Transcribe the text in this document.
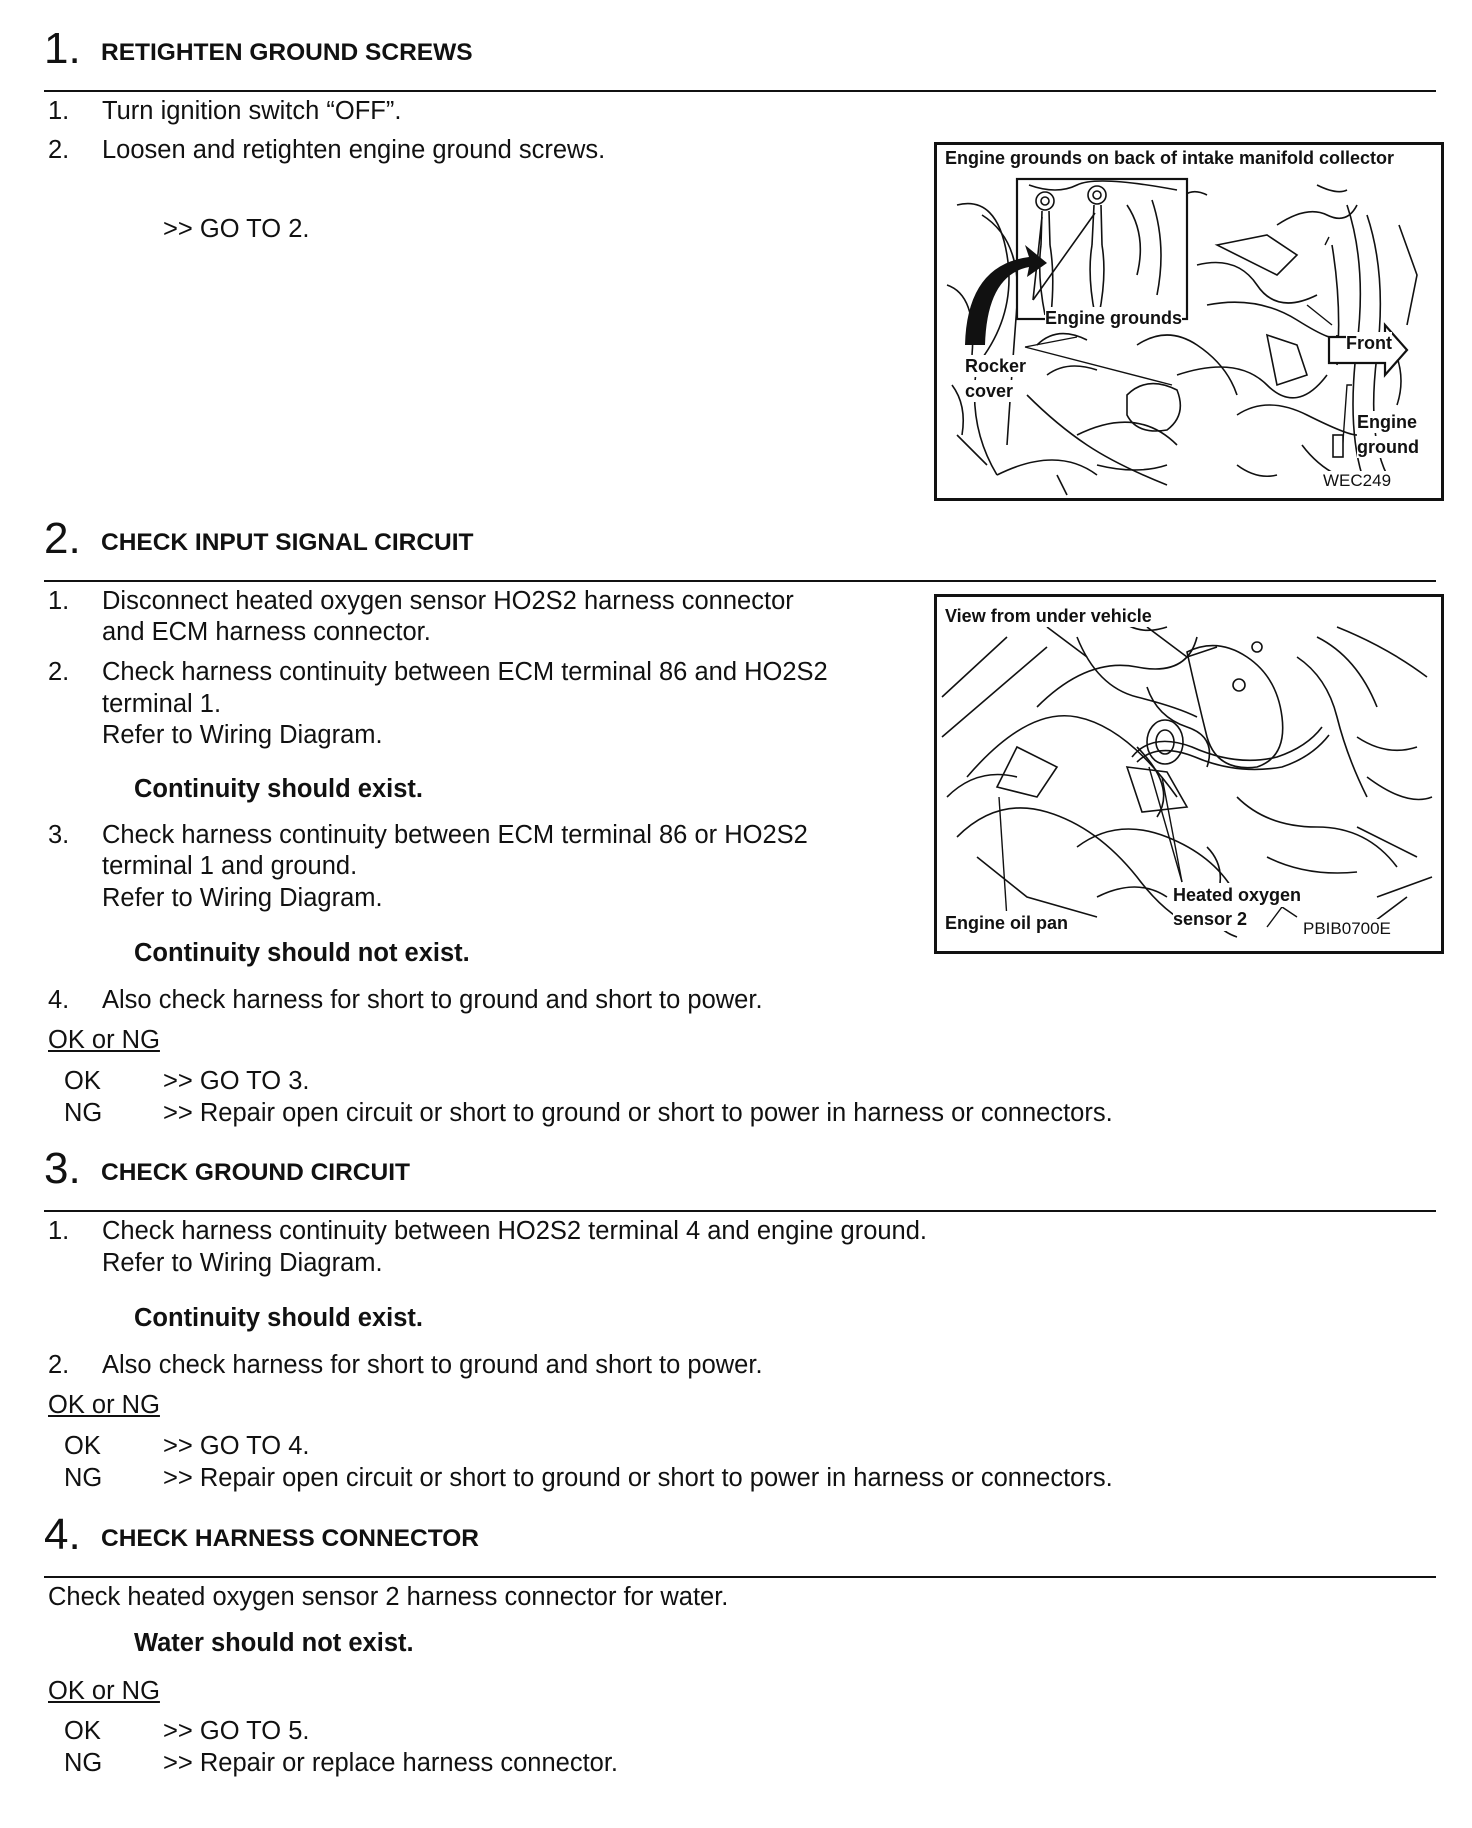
1. RETIGHTEN GROUND SCREWS
1. Turn ignition switch “OFF”.
2. Loosen and retighten engine ground screws.
>> GO TO 2.
Engine grounds on back of intake manifold collector
Engine grounds
Front
Rocker
cover
Engine
ground
WEC249
2. CHECK INPUT SIGNAL CIRCUIT
1. Disconnect heated oxygen sensor HO2S2 harness connector
and ECM harness connector.
2. Check harness continuity between ECM terminal 86 and HO2S2
terminal 1.
Refer to Wiring Diagram.
Continuity should exist.
3. Check harness continuity between ECM terminal 86 or HO2S2
terminal 1 and ground.
Refer to Wiring Diagram.
Continuity should not exist.
4. Also check harness for short to ground and short to power.
OK or NG
OK >> GO TO 3.
NG >> Repair open circuit or short to ground or short to power in harness or connectors.
View from under vehicle
Engine oil pan
Heated oxygen
sensor 2	PBIB0700E
3. CHECK GROUND CIRCUIT
1. Check harness continuity between HO2S2 terminal 4 and engine ground.
Refer to Wiring Diagram.
Continuity should exist.
2. Also check harness for short to ground and short to power.
OK or NG
OK >> GO TO 4.
NG >> Repair open circuit or short to ground or short to power in harness or connectors.
4. CHECK HARNESS CONNECTOR
Check heated oxygen sensor 2 harness connector for water.
Water should not exist.
OK or NG
OK >> GO TO 5.
NG >> Repair or replace harness connector.
